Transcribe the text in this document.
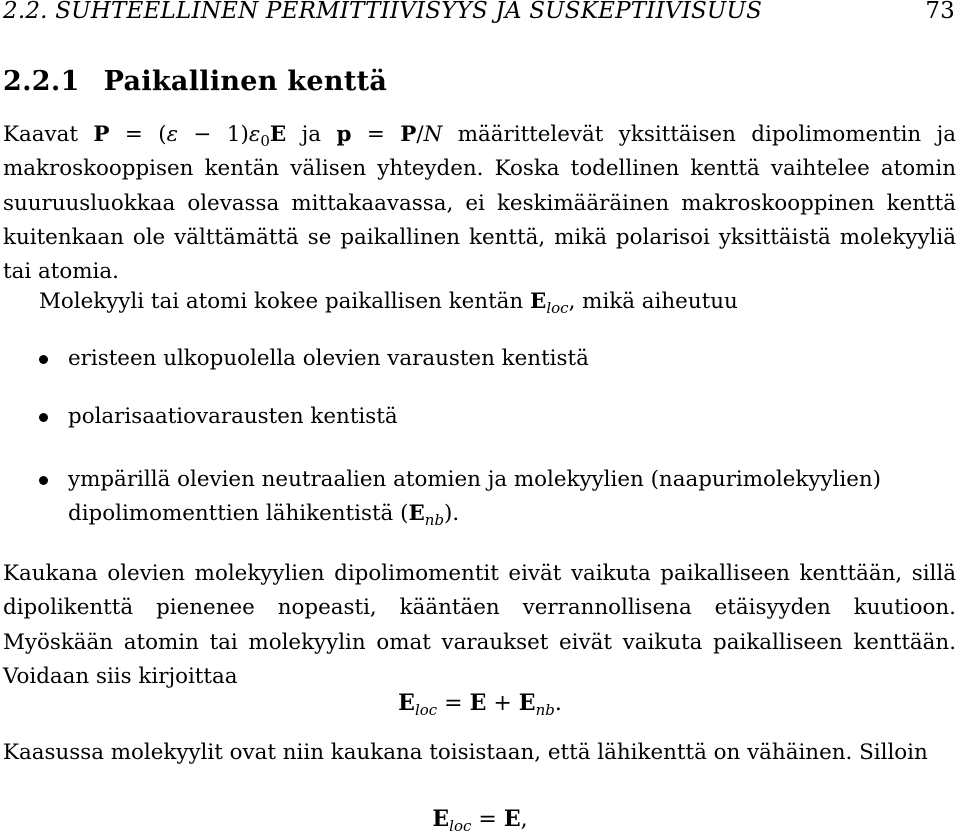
2.2. SUHTEELLINEN PERMITTIIVISYYS JA SUSKEPTIIVISUUS	73
2.2.1 Paikallinen kenttä

Kaavat $P = (\varepsilon - 1)\varepsilon_0E$ ja p = P/N määrittelevät yksittäisen dipolimomentin ja makroskooppisen kentän välisen yhteyden. Koska todellinen kenttä vaihtelee atomin suuruusluokkaa olevassa mittakaavassa, ei keskimääräinen makroskooppinen kenttä kuitenkaan ole välttämättä se paikallinen kenttä, mikä polarisoi yksittäistä molekyyliä tai atomia.

Molekyyli tai atomi kokee paikallisen kentän $E_{loc}$, mikä aiheutuu

eristeen ulkopuolella olevien varausten kentistä
polarisaatiovarausten kentistä
ympärillä olevien neutraalien atomien ja molekyylien (naapurimolekyylien) dipolimomenttien lähikentistä $(E_{nb})$.

Kaukana olevien molekyylien dipolimomentit eivät vaikuta paikalliseen kenttään, sillä dipolikenttä pienenee nopeasti, kääntäen verrannollisena etäisyyden kuutioon. Myöskään atomin tai molekyylin omat varaukset eivät vaikuta paikalliseen kenttään. Voidaan siis kirjoittaa

$E_{loc} = E + E_{nb}$.

Kaasussa molekyylit ovat niin kaukana toisistaan, että lähikenttä on vähäinen. Silloin

$E_{loc} = E$,
